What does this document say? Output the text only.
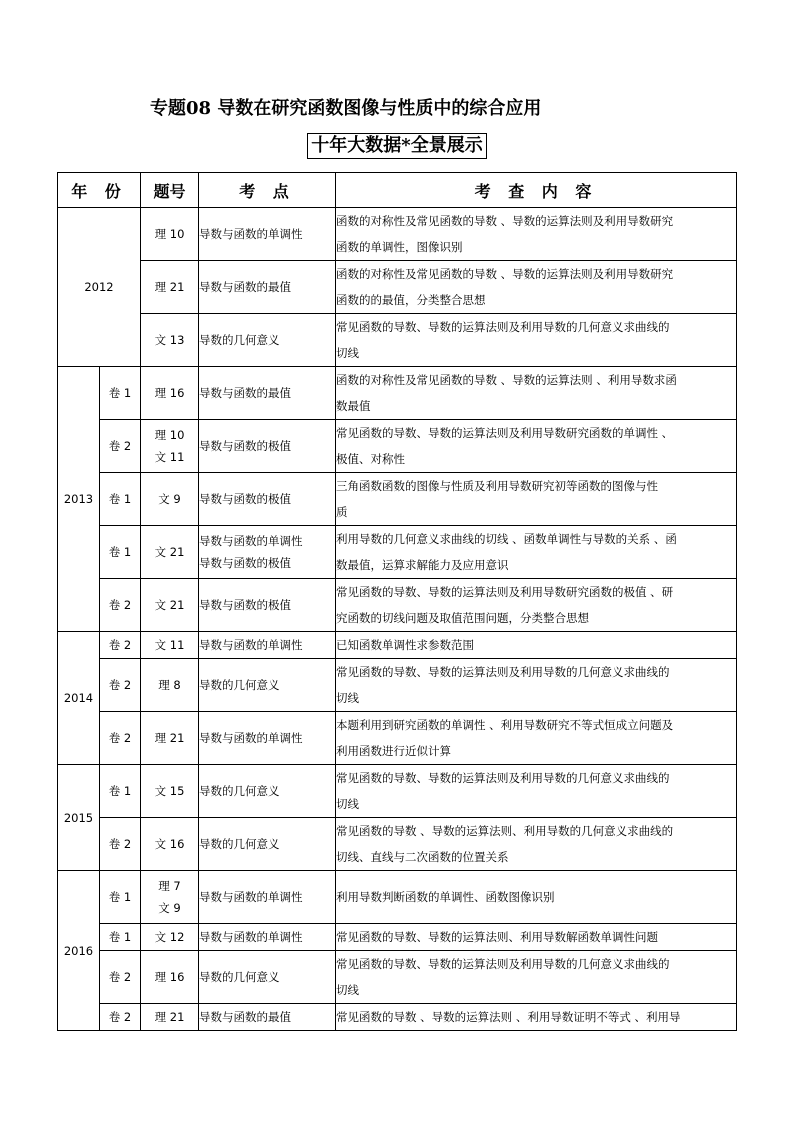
专题08 导数在研究函数图像与性质中的综合应用
十年大数据*全景展示
年 份		题号	考 点	考 查 内 容
2012		理 10	导数与函数的单调性	函数的对称性及常见函数的导数 、导数的运算法则及利用导数研究
函数的单调性，图像识别

		理 21	导数与函数的最值	函数的对称性及常见函数的导数 、导数的运算法则及利用导数研究
函数的的最值，分类整合思想

		文 13	导数的几何意义	常见函数的导数、导数的运算法则及利用导数的几何意义求曲线的
切线

2013	卷 1	理 16	导数与函数的最值	函数的对称性及常见函数的导数 、导数的运算法则 、利用导数求函
数最值

	卷 2	理 10
文 11	导数与函数的极值	常见函数的导数、导数的运算法则及利用导数研究函数的单调性 、
极值、对称性

	卷 1	文 9	导数与函数的极值	三角函数函数的图像与性质及利用导数研究初等函数的图像与性
质

	卷 1	文 21	导数与函数的单调性
导数与函数的极值	利用导数的几何意义求曲线的切线 、函数单调性与导数的关系 、函
数最值，运算求解能力及应用意识

	卷 2	文 21	导数与函数的极值	常见函数的导数、导数的运算法则及利用导数研究函数的极值 、研
究函数的切线问题及取值范围问题，分类整合思想

2014	卷 2	文 11	导数与函数的单调性	已知函数单调性求参数范围

	卷 2	理 8	导数的几何意义	常见函数的导数、导数的运算法则及利用导数的几何意义求曲线的
切线

	卷 2	理 21	导数与函数的单调性	本题利用到研究函数的单调性 、利用导数研究不等式恒成立问题及
利用函数进行近似计算

2015	卷 1	文 15	导数的几何意义	常见函数的导数、导数的运算法则及利用导数的几何意义求曲线的
切线

	卷 2	文 16	导数的几何意义	常见函数的导数 、导数的运算法则、利用导数的几何意义求曲线的
切线、直线与二次函数的位置关系

2016	卷 1	理 7
文 9	导数与函数的单调性	利用导数判断函数的单调性、函数图像识别

	卷 1	文 12	导数与函数的单调性	常见函数的导数、导数的运算法则、利用导数解函数单调性问题

	卷 2	理 16	导数的几何意义	常见函数的导数、导数的运算法则及利用导数的几何意义求曲线的
切线

	卷 2	理 21	导数与函数的最值	常见函数的导数 、导数的运算法则 、利用导数证明不等式 、利用导
